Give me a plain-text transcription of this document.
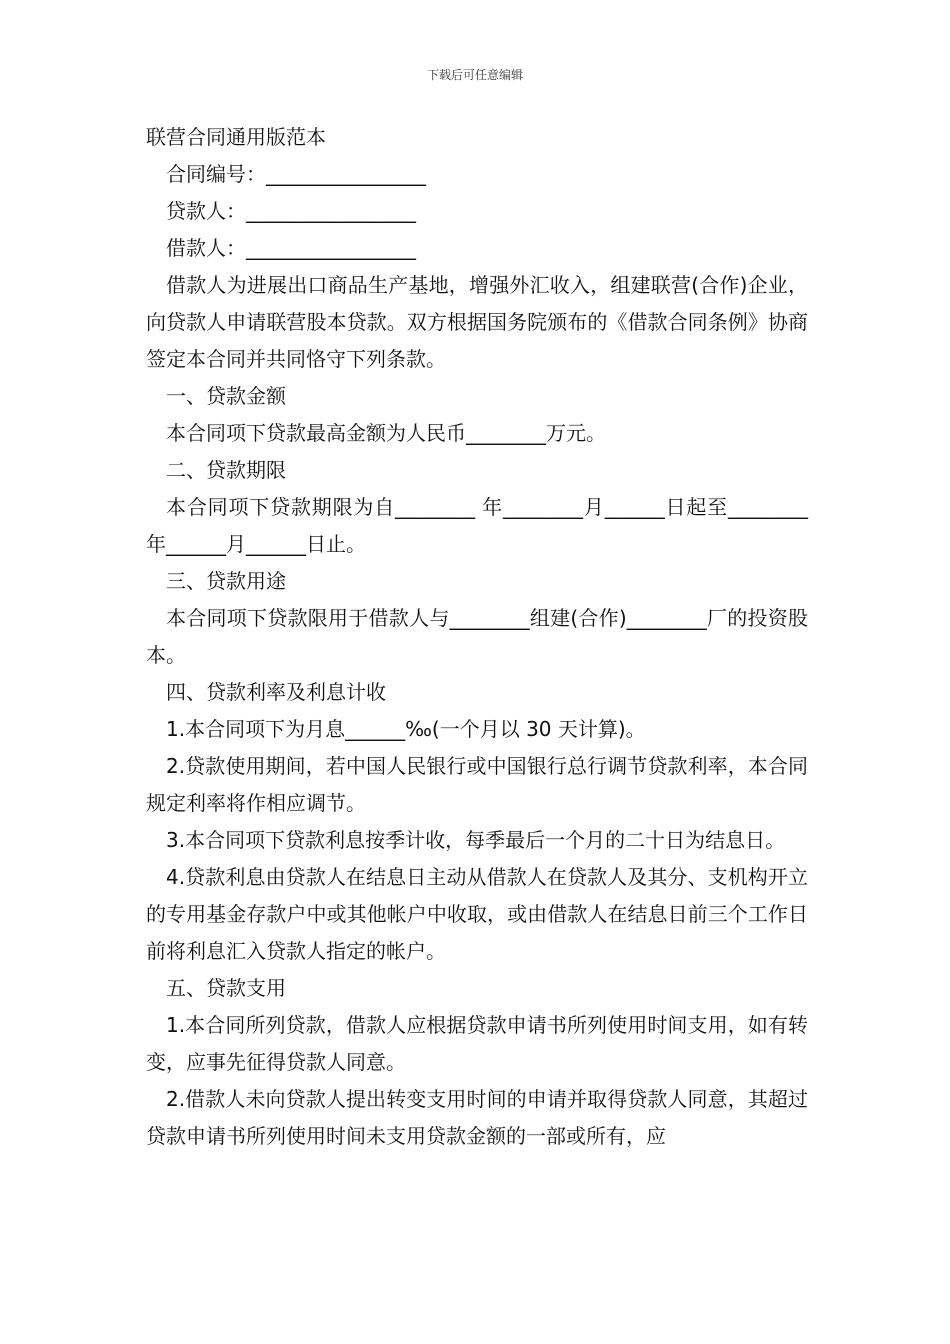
下载后可任意编辑

联营合同通用版范本

合同编号：________________

贷款人：_________________

借款人：_________________

借款人为进展出口商品生产基地，增强外汇收入，组建联营(合作)企业，向贷款人申请联营股本贷款。双方根据国务院颁布的《借款合同条例》协商签定本合同并共同恪守下列条款。

一、贷款金额

本合同项下贷款最高金额为人民币________万元。

二、贷款期限

本合同项下贷款期限为自________ 年________月______日起至________年______月______日止。

三、贷款用途

本合同项下贷款限用于借款人与________组建(合作)________厂的投资股本。

四、贷款利率及利息计收

1.本合同项下为月息______‰(一个月以 30 天计算)。

2.贷款使用期间，若中国人民银行或中国银行总行调节贷款利率，本合同规定利率将作相应调节。

3.本合同项下贷款利息按季计收，每季最后一个月的二十日为结息日。

4.贷款利息由贷款人在结息日主动从借款人在贷款人及其分、支机构开立的专用基金存款户中或其他帐户中收取，或由借款人在结息日前三个工作日前将利息汇入贷款人指定的帐户。

五、贷款支用

1.本合同所列贷款，借款人应根据贷款申请书所列使用时间支用，如有转变，应事先征得贷款人同意。

2.借款人未向贷款人提出转变支用时间的申请并取得贷款人同意，其超过贷款申请书所列使用时间未支用贷款金额的一部或所有，应
